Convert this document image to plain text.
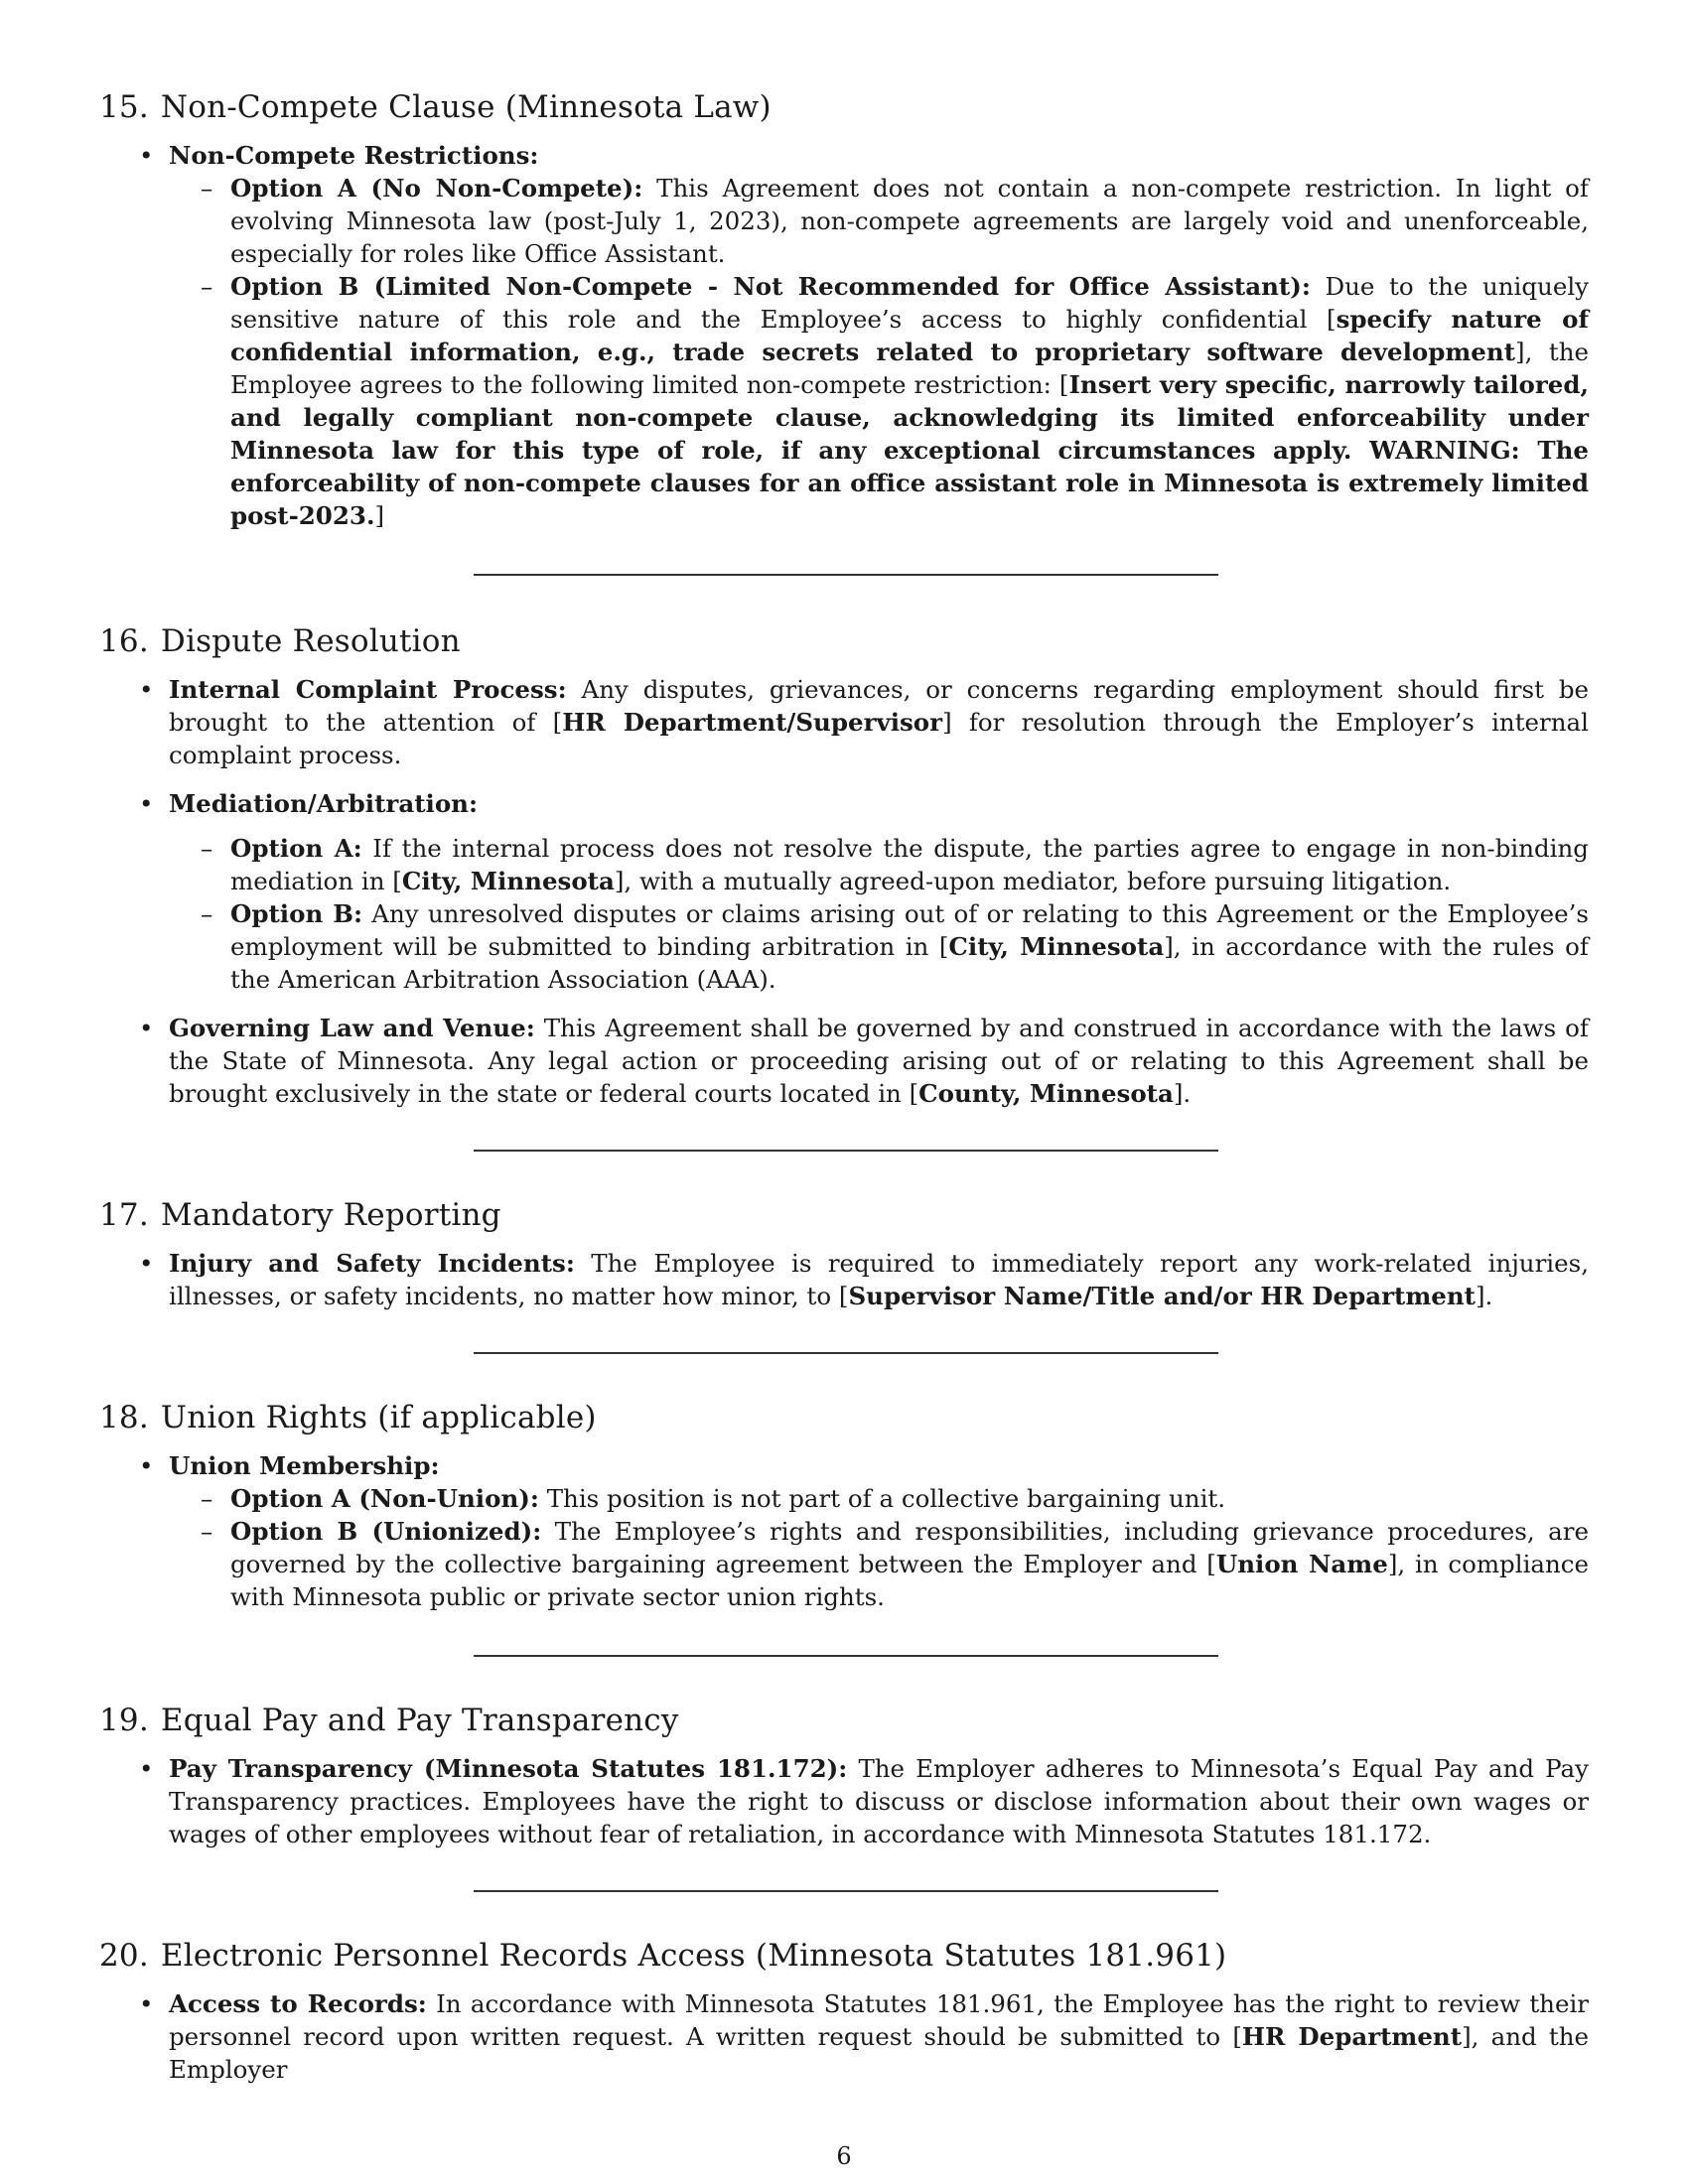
15. Non-Compete Clause (Minnesota Law)
• Non-Compete Restrictions:
– Option A (No Non-Compete): This Agreement does not contain a non-compete restriction. In light of evolving Minnesota law (post-July 1, 2023), non-compete agreements are largely void and unenforceable, especially for roles like Office Assistant.
– Option B (Limited Non-Compete - Not Recommended for Office Assistant): Due to the uniquely sensitive nature of this role and the Employee’s access to highly confidential [specify nature of confidential information, e.g., trade secrets related to proprietary software development], the Employee agrees to the following limited non-compete restriction: [Insert very specific, narrowly tailored, and legally compliant non-compete clause, acknowledging its limited enforceability under Minnesota law for this type of role, if any exceptional circumstances apply. WARNING: The enforceability of non-compete clauses for an office assistant role in Minnesota is extremely limited post-2023.]
16. Dispute Resolution
• Internal Complaint Process: Any disputes, grievances, or concerns regarding employment should first be brought to the attention of [HR Department/Supervisor] for resolution through the Employer’s internal complaint process.
• Mediation/Arbitration:
– Option A: If the internal process does not resolve the dispute, the parties agree to engage in non-binding mediation in [City, Minnesota], with a mutually agreed-upon mediator, before pursuing litigation.
– Option B: Any unresolved disputes or claims arising out of or relating to this Agreement or the Employee’s employment will be submitted to binding arbitration in [City, Minnesota], in accordance with the rules of the American Arbitration Association (AAA).
• Governing Law and Venue: This Agreement shall be governed by and construed in accordance with the laws of the State of Minnesota. Any legal action or proceeding arising out of or relating to this Agreement shall be brought exclusively in the state or federal courts located in [County, Minnesota].
17. Mandatory Reporting
• Injury and Safety Incidents: The Employee is required to immediately report any work-related injuries, illnesses, or safety incidents, no matter how minor, to [Supervisor Name/Title and/or HR Department].
18. Union Rights (if applicable)
• Union Membership:
– Option A (Non-Union): This position is not part of a collective bargaining unit.
– Option B (Unionized): The Employee’s rights and responsibilities, including grievance procedures, are governed by the collective bargaining agreement between the Employer and [Union Name], in compliance with Minnesota public or private sector union rights.
19. Equal Pay and Pay Transparency
• Pay Transparency (Minnesota Statutes 181.172): The Employer adheres to Minnesota’s Equal Pay and Pay Transparency practices. Employees have the right to discuss or disclose information about their own wages or wages of other employees without fear of retaliation, in accordance with Minnesota Statutes 181.172.
20. Electronic Personnel Records Access (Minnesota Statutes 181.961)
• Access to Records: In accordance with Minnesota Statutes 181.961, the Employee has the right to review their personnel record upon written request. A written request should be submitted to [HR Department], and the Employer
6
